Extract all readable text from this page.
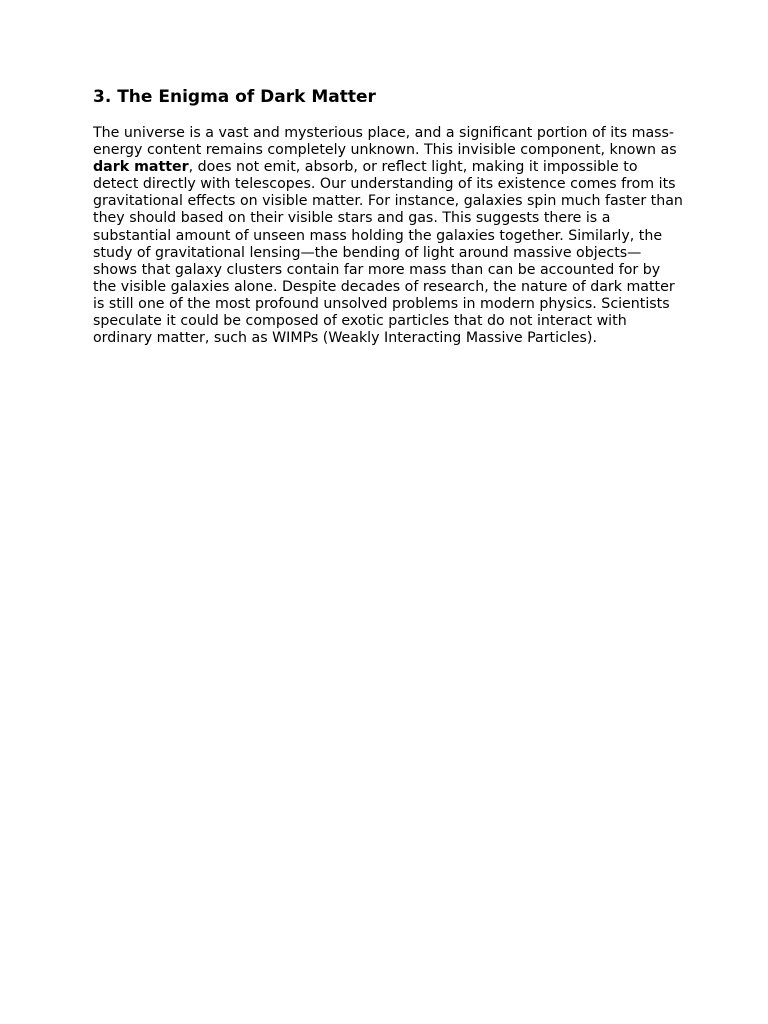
3. The Enigma of Dark Matter

The universe is a vast and mysterious place, and a significant portion of its mass-energy content remains completely unknown. This invisible component, known as dark matter, does not emit, absorb, or reflect light, making it impossible to detect directly with telescopes. Our understanding of its existence comes from its gravitational effects on visible matter. For instance, galaxies spin much faster than they should based on their visible stars and gas. This suggests there is a substantial amount of unseen mass holding the galaxies together. Similarly, the study of gravitational lensing—the bending of light around massive objects—shows that galaxy clusters contain far more mass than can be accounted for by the visible galaxies alone. Despite decades of research, the nature of dark matter is still one of the most profound unsolved problems in modern physics. Scientists speculate it could be composed of exotic particles that do not interact with ordinary matter, such as WIMPs (Weakly Interacting Massive Particles).
